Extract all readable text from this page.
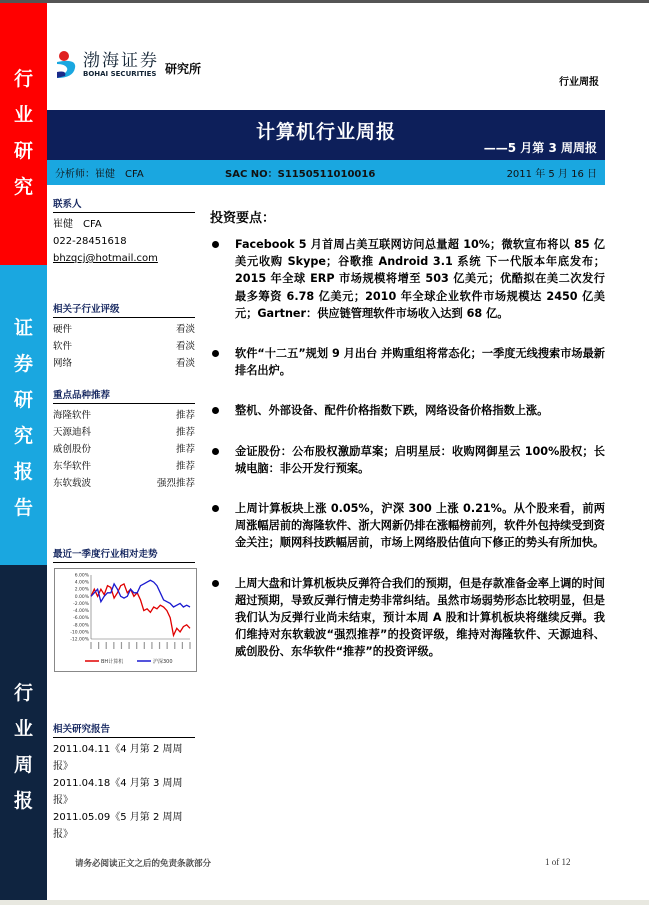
行
业
研
究
证
券
研
究
报
告
行
业
周
报
渤海证券
BOHAI SECURITIES 研究所
行业周报
计算机行业周报
——5 月第 3 周周报
分析师：崔健　CFA	SAC NO：S1150511010016	2011 年 5 月 16 日
联系人
崔健　CFA
022-28451618
bhzqcj@hotmail.com
相关子行业评级
硬件	看淡
软件	看淡
网络	看淡
重点品种推荐
海隆软件	推荐
天源迪科	推荐
威创股份	推荐
东华软件	推荐
东软载波	强烈推荐
最近一季度行业相对走势
6.00%
4.00%
2.00%
0.00%
-2.00%
-4.00%
-6.00%
-8.00%
-10.00%
-12.00%
BH计算机	沪深300
相关研究报告
2011.04.11《4 月第 2 周周报》
2011.04.18《4 月第 3 周周报》
2011.05.09《5 月第 2 周周报》
投资要点：
Facebook 5 月首周占美互联网访问总量超 10%；微软宣布将以 85 亿美元收购 Skype；谷歌推 Android 3.1 系统 下一代版本年底发布；2015 年全球 ERP 市场规模将增至 503 亿美元；优酷拟在美二次发行 最多筹资 6.78 亿美元；2010 年全球企业软件市场规模达 2450 亿美元；Gartner：供应链管理软件市场收入达到 68 亿。
软件“十二五”规划 9 月出台 并购重组将常态化；一季度无线搜索市场最新排名出炉。
整机、外部设备、配件价格指数下跌，网络设备价格指数上涨。
金证股份：公布股权激励草案；启明星辰：收购网御星云 100%股权；长城电脑：非公开发行预案。
上周计算板块上涨 0.05%，沪深 300 上涨 0.21%。从个股来看，前两周涨幅居前的海隆软件、浙大网新仍排在涨幅榜前列，软件外包持续受到资金关注；顺网科技跌幅居前，市场上网络股估值向下修正的势头有所加快。
上周大盘和计算机板块反弹符合我们的预期，但是存款准备金率上调的时间超过预期，导致反弹行情走势非常纠结。虽然市场弱势形态比较明显，但是我们认为反弹行业尚未结束，预计本周 A 股和计算机板块将继续反弹。我们维持对东软载波“强烈推荐”的投资评级，维持对海隆软件、天源迪科、威创股份、东华软件“推荐”的投资评级。
请务必阅读正文之后的免责条款部分	1 of 12
